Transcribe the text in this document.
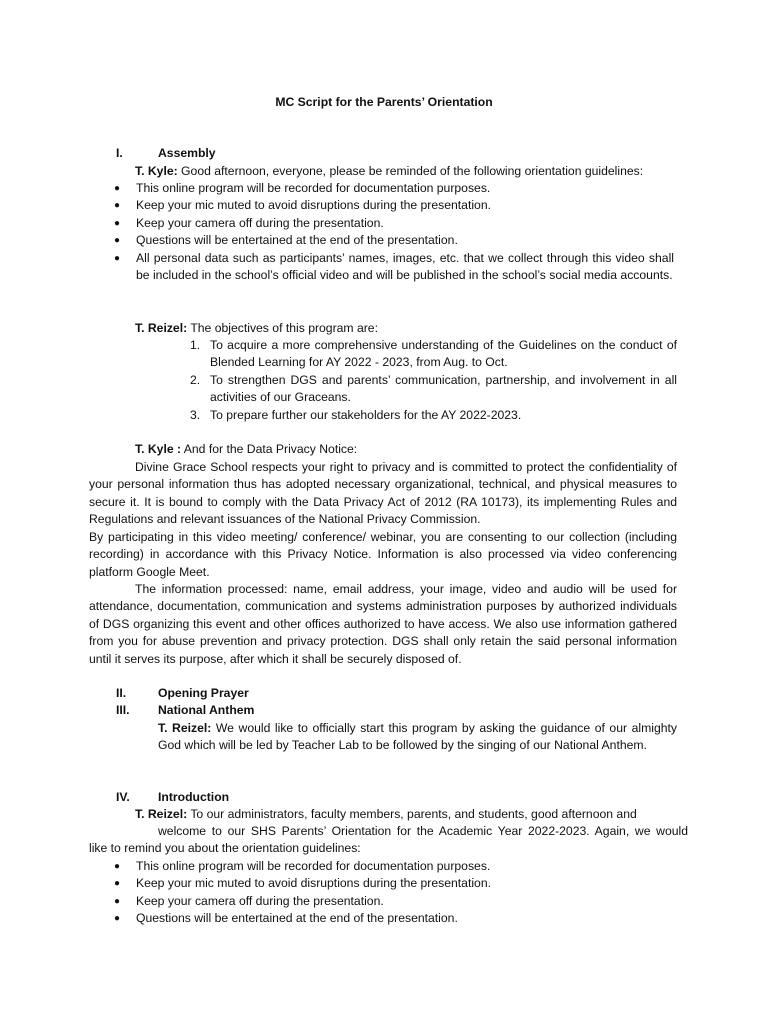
MC Script for the Parents’ Orientation
I.	Assembly
T. Kyle: Good afternoon, everyone, please be reminded of the following orientation guidelines:
● This online program will be recorded for documentation purposes.
● Keep your mic muted to avoid disruptions during the presentation.
● Keep your camera off during the presentation.
● Questions will be entertained at the end of the presentation.
● All personal data such as participants’ names, images, etc. that we collect through this video shall be included in the school’s official video and will be published in the school’s social media accounts.
T. Reizel: The objectives of this program are:
1. To acquire a more comprehensive understanding of the Guidelines on the conduct of Blended Learning for AY 2022 - 2023, from Aug. to Oct.
2. To strengthen DGS and parents’ communication, partnership, and involvement in all activities of our Graceans.
3. To prepare further our stakeholders for the AY 2022-2023.
T. Kyle : And for the Data Privacy Notice:
Divine Grace School respects your right to privacy and is committed to protect the confidentiality of your personal information thus has adopted necessary organizational, technical, and physical measures to secure it. It is bound to comply with the Data Privacy Act of 2012 (RA 10173), its implementing Rules and Regulations and relevant issuances of the National Privacy Commission.
By participating in this video meeting/ conference/ webinar, you are consenting to our collection (including recording) in accordance with this Privacy Notice. Information is also processed via video conferencing platform Google Meet.
The information processed: name, email address, your image, video and audio will be used for attendance, documentation, communication and systems administration purposes by authorized individuals of DGS organizing this event and other offices authorized to have access. We also use information gathered from you for abuse prevention and privacy protection. DGS shall only retain the said personal information until it serves its purpose, after which it shall be securely disposed of.
II.	Opening Prayer
III. National Anthem
T. Reizel: We would like to officially start this program by asking the guidance of our almighty God which will be led by Teacher Lab to be followed by the singing of our National Anthem.
IV. Introduction
T. Reizel: To our administrators, faculty members, parents, and students, good afternoon and
welcome to our SHS Parents’ Orientation for the Academic Year 2022-2023. Again, we would
like to remind you about the orientation guidelines:
● This online program will be recorded for documentation purposes.
● Keep your mic muted to avoid disruptions during the presentation.
● Keep your camera off during the presentation.
● Questions will be entertained at the end of the presentation.
